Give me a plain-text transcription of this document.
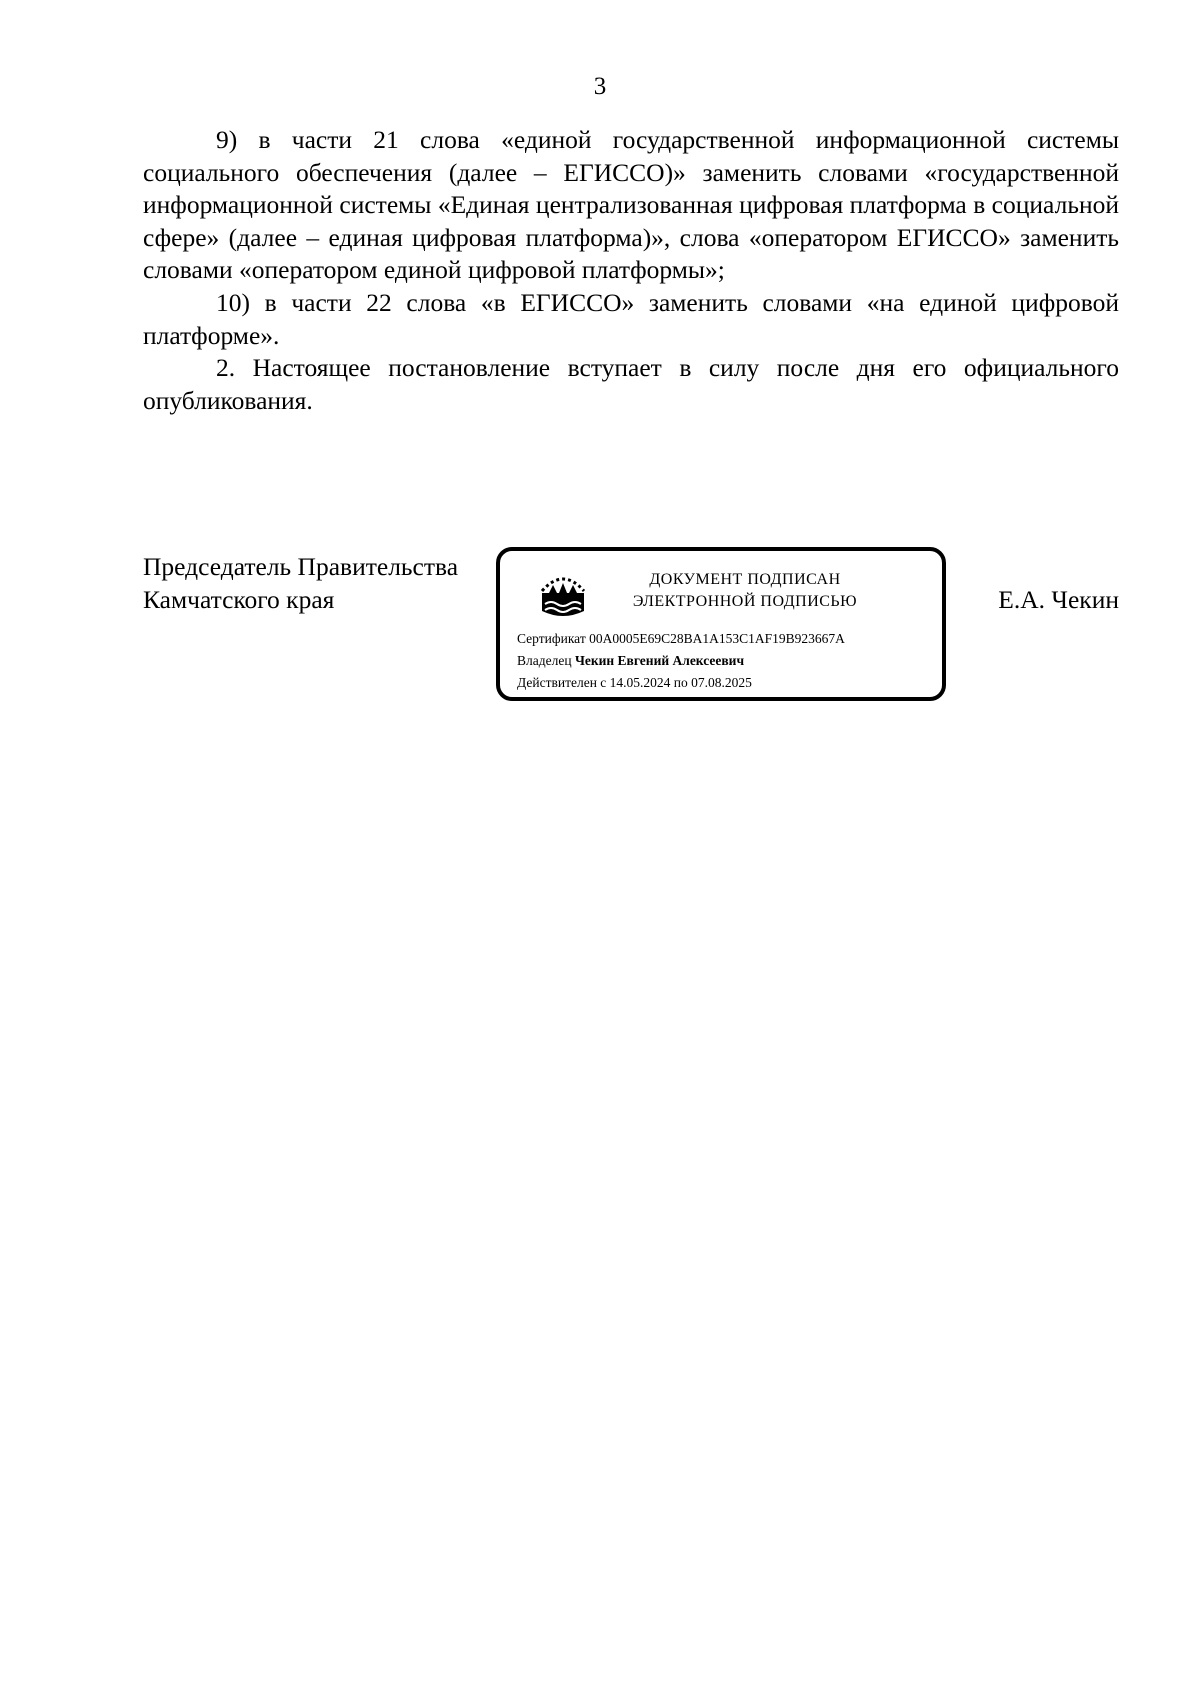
3

9) в части 21 слова «единой государственной информационной системы социального обеспечения (далее – ЕГИССО)» заменить словами «государственной информационной системы «Единая централизованная цифровая платформа в социальной сфере» (далее – единая цифровая платформа)», слова «оператором ЕГИССО» заменить словами «оператором единой цифровой платформы»;

10) в части 22 слова «в ЕГИССО» заменить словами «на единой цифровой платформе».

2. Настоящее постановление вступает в силу после дня его официального опубликования.

Председатель Правительства
Камчатского края
ДОКУМЕНТ ПОДПИСАН
ЭЛЕКТРОННОЙ ПОДПИСЬЮ
Сертификат 00A0005E69C28BA1A153C1AF19B923667A
Владелец Чекин Евгений Алексеевич
Действителен с 14.05.2024 по 07.08.2025
Е.А. Чекин
